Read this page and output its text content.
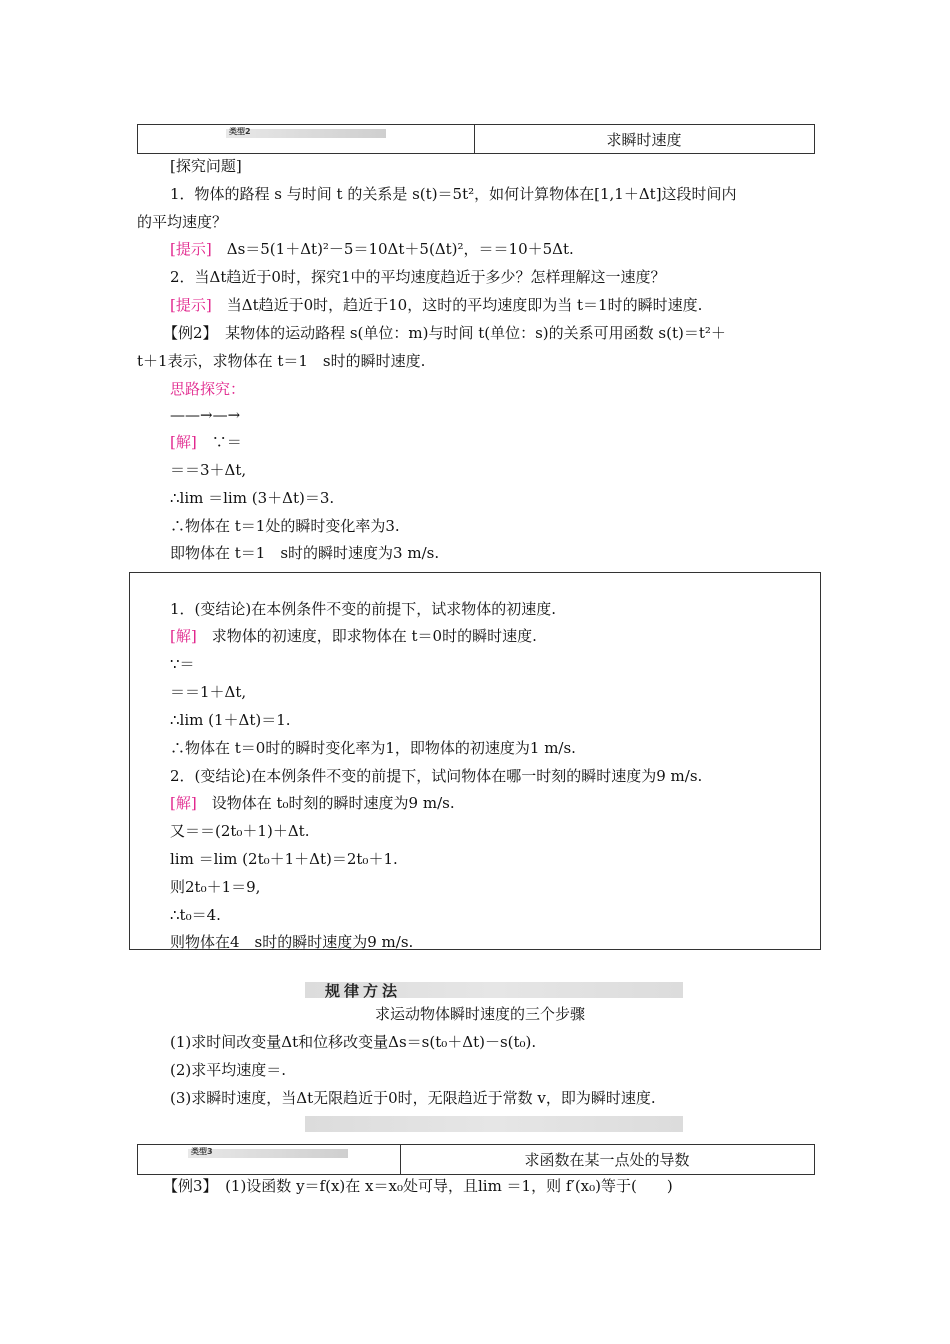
类型2	求瞬时速度
[探究问题]
1．物体的路程 s 与时间 t 的关系是 s(t)＝5t²，如何计算物体在[1,1＋Δt]这段时间内
的平均速度？
[提示]　 Δs＝5(1＋Δt)²－5＝10Δt＋5(Δt)²，＝＝10＋5Δt.
2．当Δt趋近于0时，探究1中的平均速度趋近于多少？怎样理解这一速度？
[提示]　 当Δt趋近于0时，趋近于10，这时的平均速度即为当 t＝1时的瞬时速度.
【例2】　 某物体的运动路程 s(单位：m)与时间 t(单位：s)的关系可用函数 s(t)＝t²＋
t＋1表示，求物体在 t＝1　s时的瞬时速度.
思路探究：
——→—→
[解]　 ∵＝
＝＝3＋Δt,
∴lim ＝lim (3＋Δt)＝3.
∴物体在 t＝1处的瞬时变化率为3.
即物体在 t＝1　s时的瞬时速度为3 m/s.
1．(变结论)在本例条件不变的前提下，试求物体的初速度.
[解]　 求物体的初速度，即求物体在 t＝0时的瞬时速度.
∵＝
＝＝1＋Δt,
∴lim (1＋Δt)＝1.
∴物体在 t＝0时的瞬时变化率为1，即物体的初速度为1 m/s.
2．(变结论)在本例条件不变的前提下，试问物体在哪一时刻的瞬时速度为9 m/s.
[解]　 设物体在 t₀时刻的瞬时速度为9 m/s.
又＝＝(2t₀＋1)＋Δt.
lim ＝lim (2t₀＋1＋Δt)＝2t₀＋1.
则2t₀＋1＝9,
∴t₀＝4.
则物体在4　s时的瞬时速度为9 m/s.
规律方法
求运动物体瞬时速度的三个步骤
(1)求时间改变量Δt和位移改变量Δs＝s(t₀＋Δt)－s(t₀).
(2)求平均速度＝.
(3)求瞬时速度，当Δt无限趋近于0时，无限趋近于常数 v，即为瞬时速度.
类型3	求函数在某一点处的导数
【例3】　 (1)设函数 y＝f(x)在 x＝x₀处可导，且lim ＝1，则 f′(x₀)等于(　　)
